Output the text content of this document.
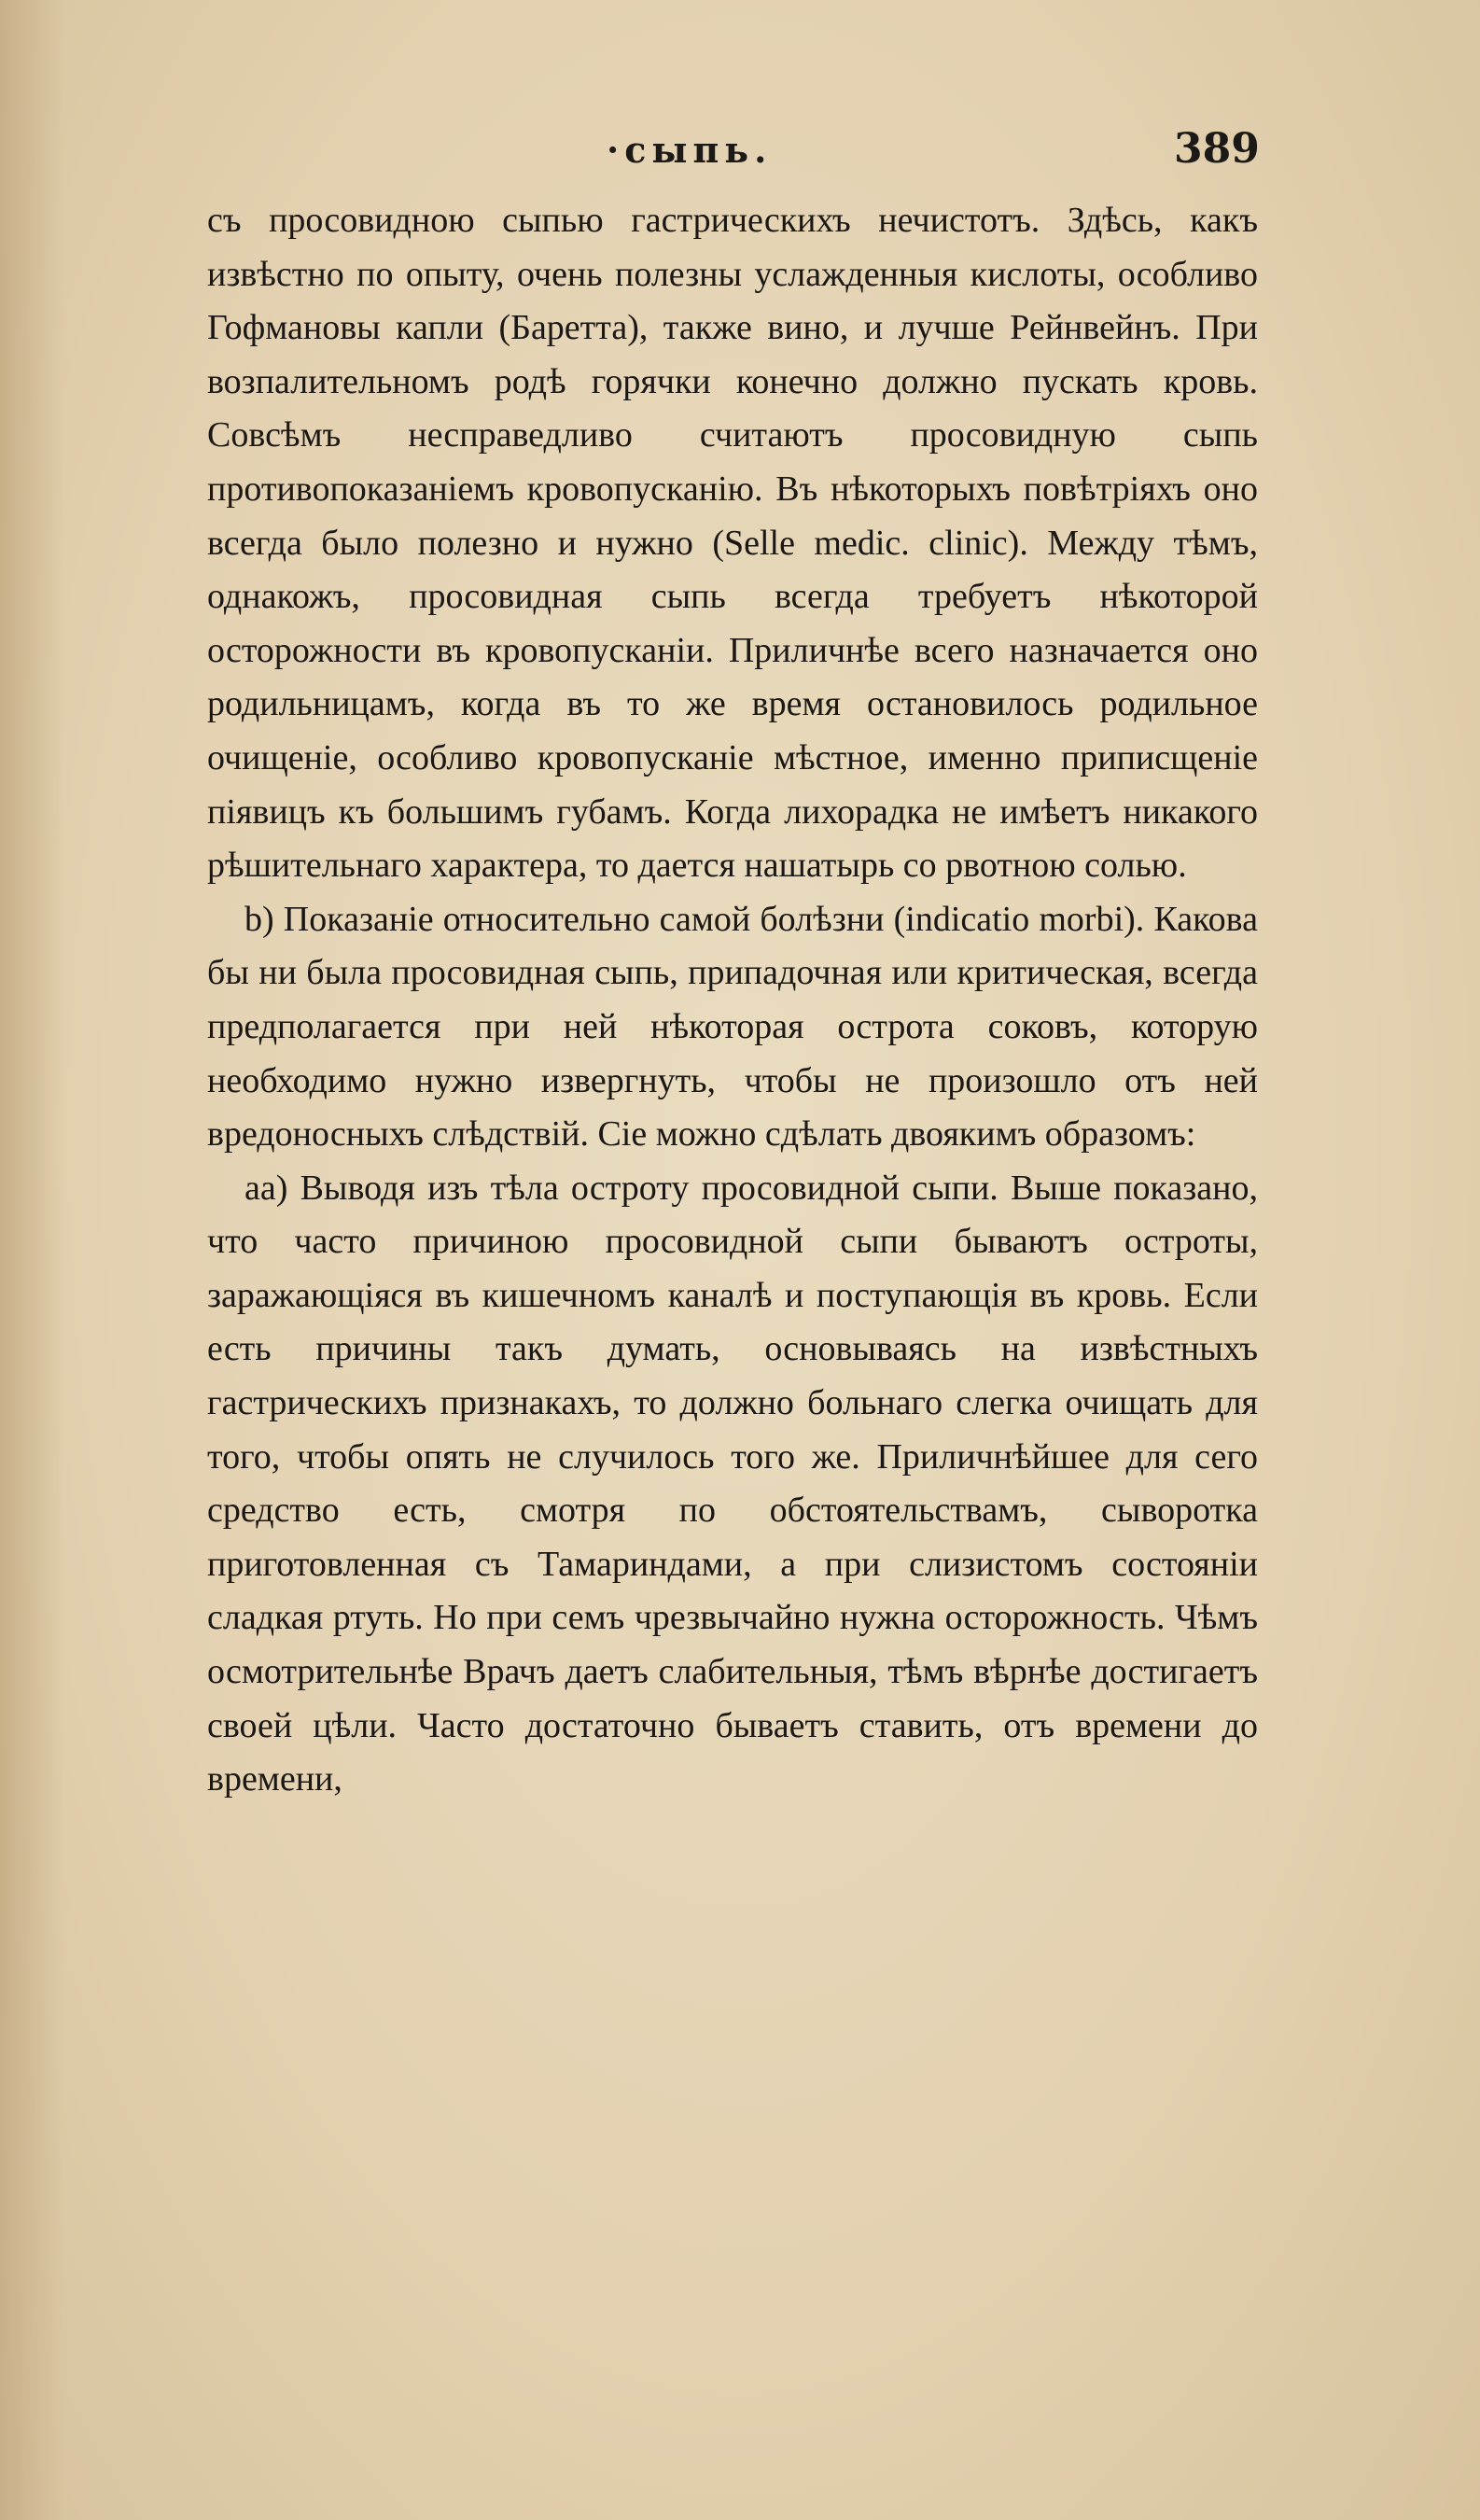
·сыпь.	389

съ просовидною сыпью гастрическихъ нечистотъ. Здѣсь, какъ извѣстно по опыту, очень полезны услажденныя кислоты, особливо Гофмановы капли (Баретта), также вино, и лучше Рейнвейнъ. При возпалительномъ родѣ горячки конечно должно пускать кровь. Совсѣмъ несправедливо считаютъ просовидную сыпь противопоказаніемъ кровопусканію. Въ нѣкоторыхъ повѣтріяхъ оно всегда было полезно и нужно (Selle medic. clinic). Между тѣмъ, однакожъ, просовидная сыпь всегда требуетъ нѣкоторой осторожности въ кровопусканіи. Приличнѣе всего назначается оно родильницамъ, когда въ то же время остановилось родильное очищеніе, особливо кровопусканіе мѣстное, именно приписщеніе піявицъ къ большимъ губамъ. Когда лихорадка не имѣетъ никакого рѣшительнаго характера, то дается нашатырь со рвотною солью.

b) Показаніе относительно самой болѣзни (indicatio morbi). Какова бы ни была просовидная сыпь, припадочная или критическая, всегда предполагается при ней нѣкоторая острота соковъ, которую необходимо нужно извергнуть, чтобы не произошло отъ ней вредоносныхъ слѣдствій. Сіе можно сдѣлать двоякимъ образомъ:

аа) Выводя изъ тѣла остроту просовидной сыпи. Выше показано, что часто причиною просовидной сыпи бываютъ остроты, заражающіяся въ кишечномъ каналѣ и поступающія въ кровь. Если есть причины такъ думать, основываясь на извѣстныхъ гастрическихъ признакахъ, то должно больнаго слегка очищать для того, чтобы опять не случилось того же. Приличнѣйшее для сего средство есть, смотря по обстоятельствамъ, сыворотка приготовленная съ Тамариндами, а при слизистомъ состояніи сладкая ртуть. Но при семъ чрезвычайно нужна осторожность. Чѣмъ осмотрительнѣе Врачъ даетъ слабительныя, тѣмъ вѣрнѣе достигаетъ своей цѣли. Часто достаточно бываетъ ставить, отъ времени до времени,
